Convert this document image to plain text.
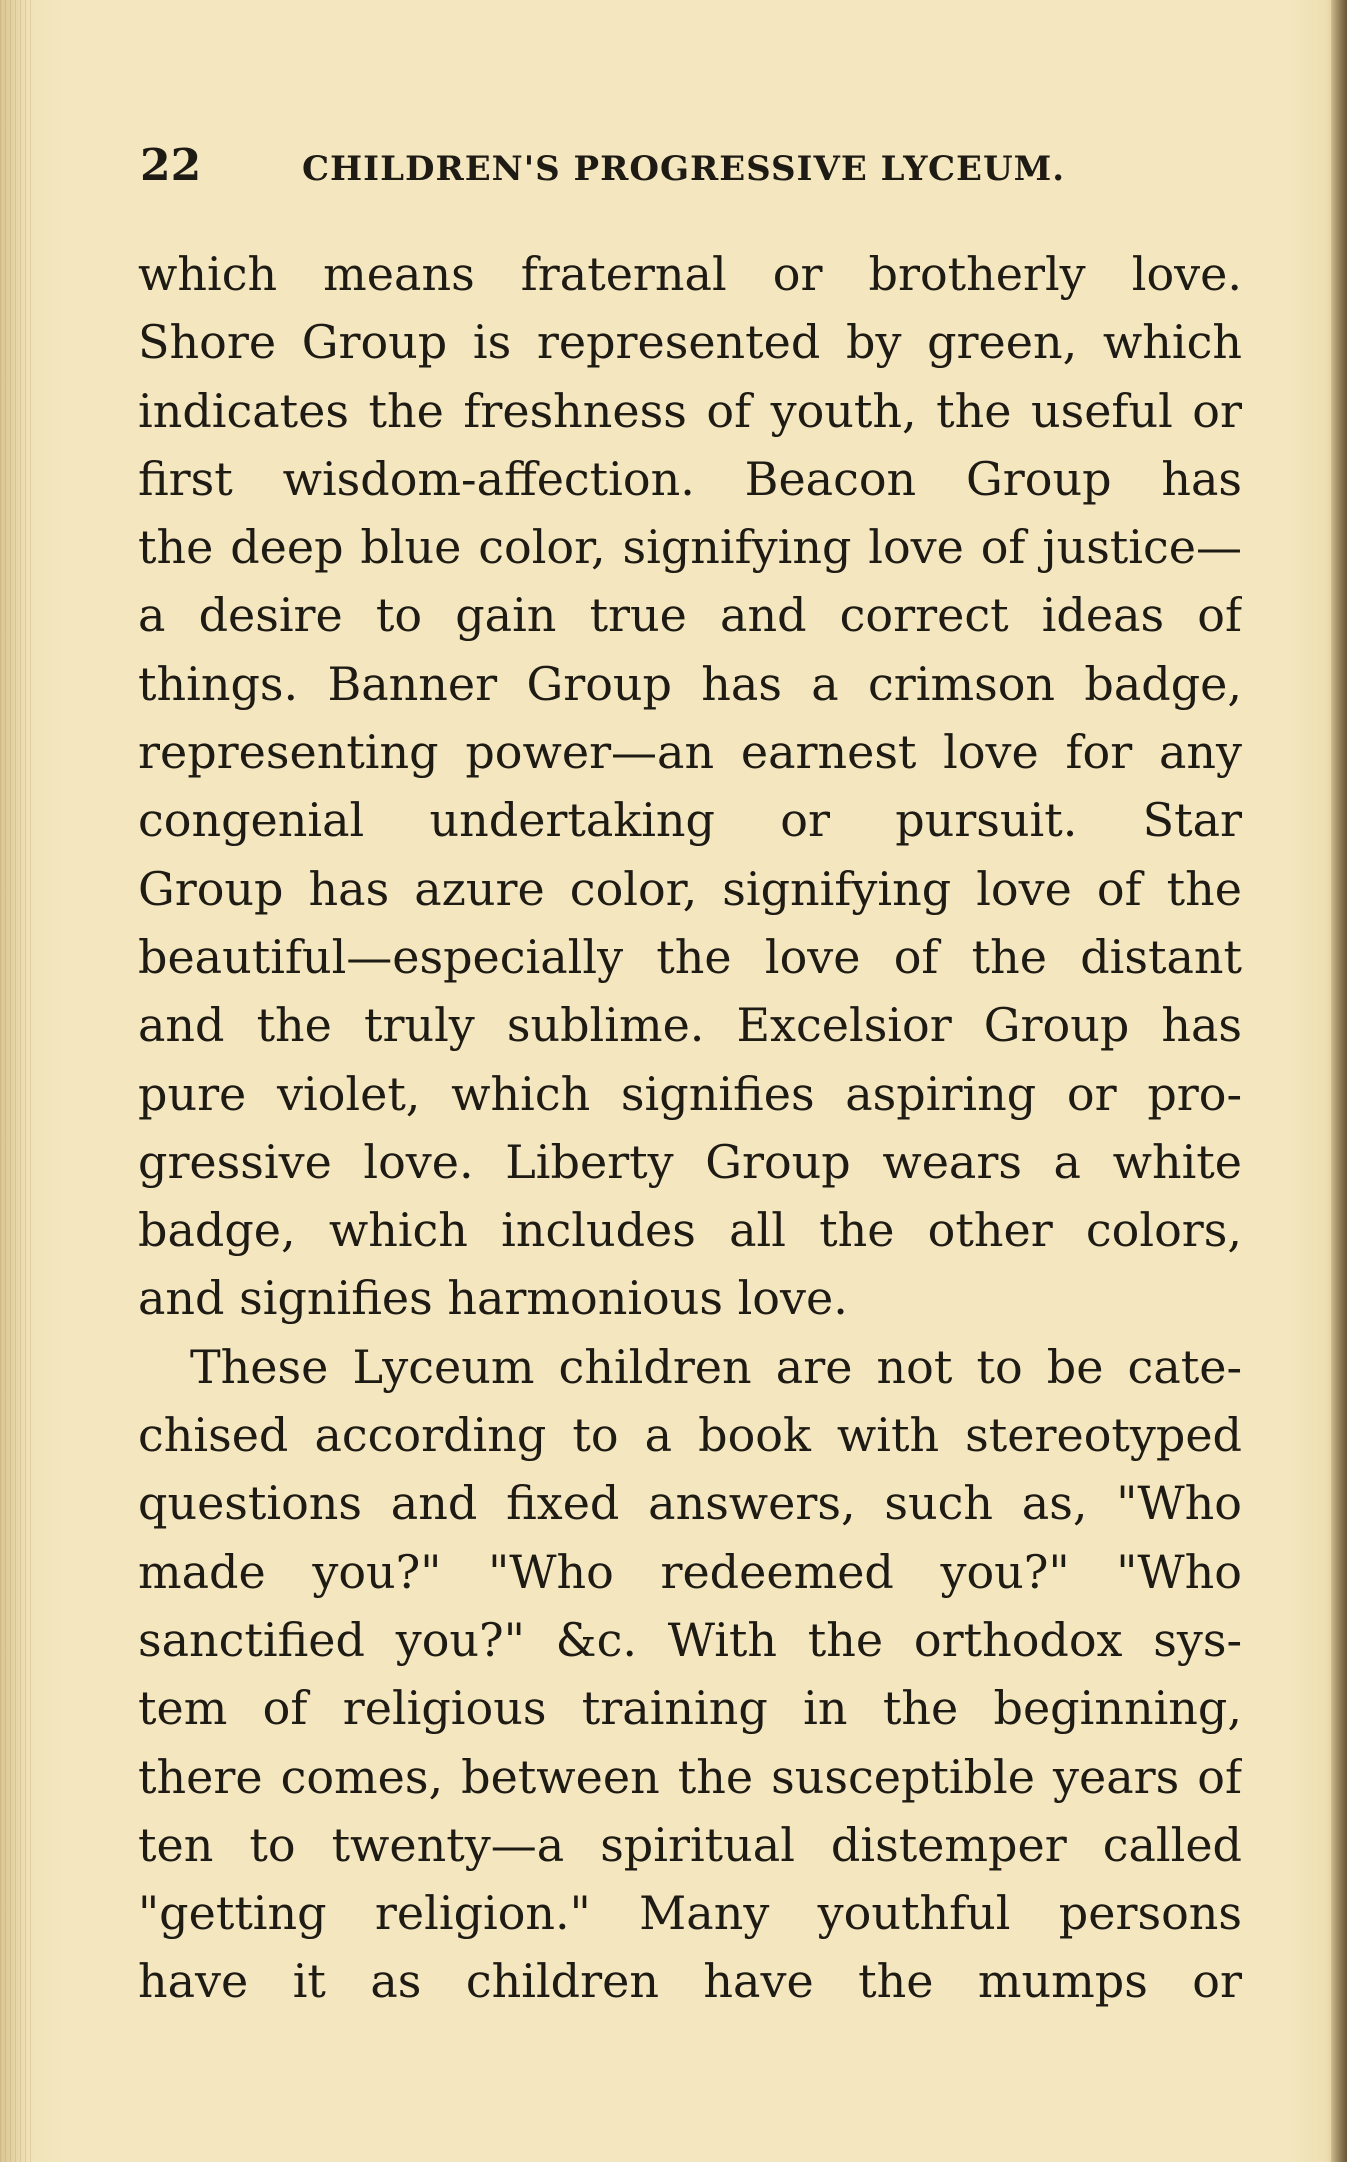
22	CHILDREN'S PROGRESSIVE LYCEUM.
which means fraternal or brotherly love.
Shore Group is represented by green, which
indicates the freshness of youth, the useful or
first wisdom-affection. Beacon Group has
the deep blue color, signifying love of justice—
a desire to gain true and correct ideas of
things. Banner Group has a crimson badge,
representing power—an earnest love for any
congenial undertaking or pursuit. Star
Group has azure color, signifying love of the
beautiful—especially the love of the distant
and the truly sublime. Excelsior Group has
pure violet, which signifies aspiring or pro-
gressive love. Liberty Group wears a white
badge, which includes all the other colors,
and signifies harmonious love.
These Lyceum children are not to be cate-
chised according to a book with stereotyped
questions and fixed answers, such as, "Who
made you?" "Who redeemed you?" "Who
sanctified you?" &c. With the orthodox sys-
tem of religious training in the beginning,
there comes, between the susceptible years of
ten to twenty—a spiritual distemper called
"getting religion." Many youthful persons
have it as children have the mumps or
